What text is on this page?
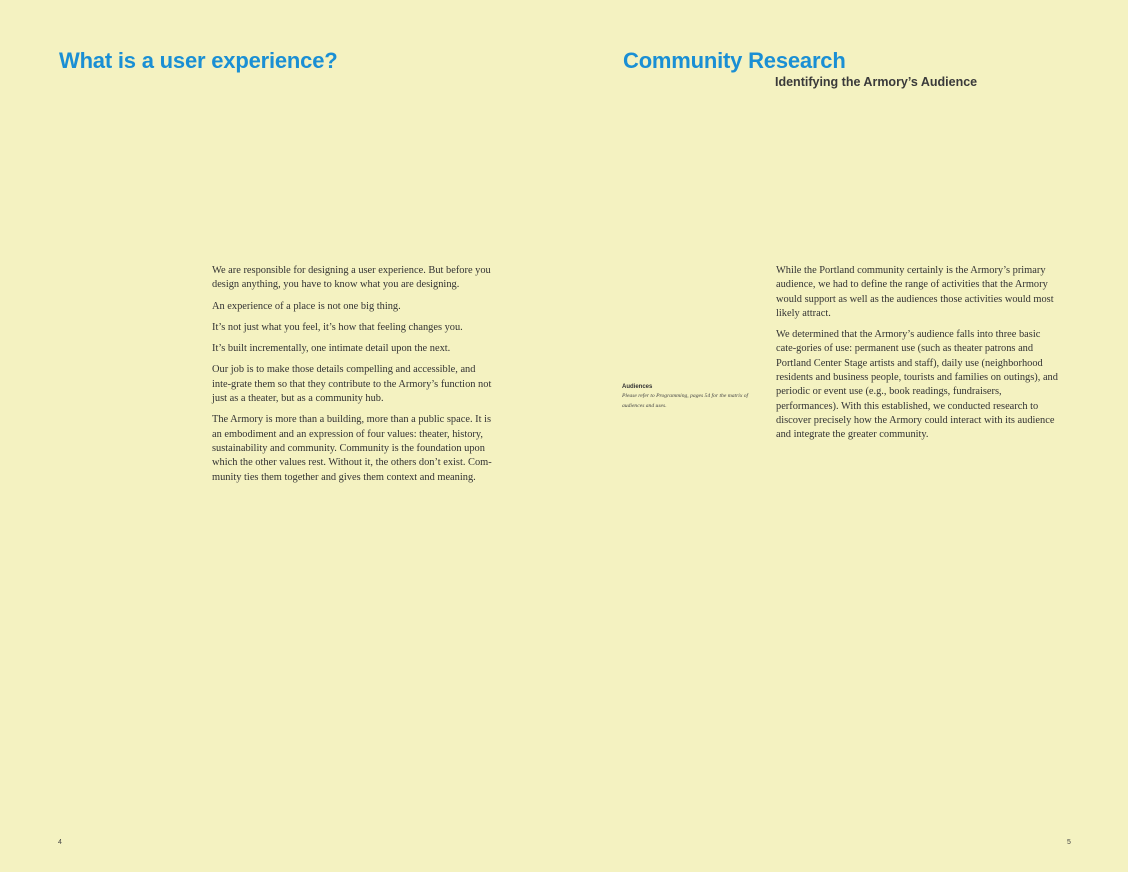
What is a user experience?

We are responsible for designing a user experience. But before you design anything, you have to know what you are designing.

An experience of a place is not one big thing.

It’s not just what you feel, it’s how that feeling changes you.

It’s built incrementally, one intimate detail upon the next.

Our job is to make those details compelling and accessible, and inte-grate them so that they contribute to the Armory’s function not just as a theater, but as a community hub.

The Armory is more than a building, more than a public space. It is an embodiment and an expression of four values: theater, history, sustainability and community. Community is the foundation upon which the other values rest. Without it, the others don’t exist. Com-munity ties them together and gives them context and meaning.

4
Community Research
Identifying the Armory’s Audience
Audiences

Please refer to Programming, pages 54 for the matrix of audiences and uses.

While the Portland community certainly is the Armory’s primary audience, we had to define the range of activities that the Armory would support as well as the audiences those activities would most likely attract.

We determined that the Armory’s audience falls into three basic cate-gories of use: permanent use (such as theater patrons and Portland Center Stage artists and staff), daily use (neighborhood residents and business people, tourists and families on outings), and periodic or event use (e.g., book readings, fundraisers, performances). With this established, we conducted research to discover precisely how the Armory could interact with its audience and integrate the greater community.

5
